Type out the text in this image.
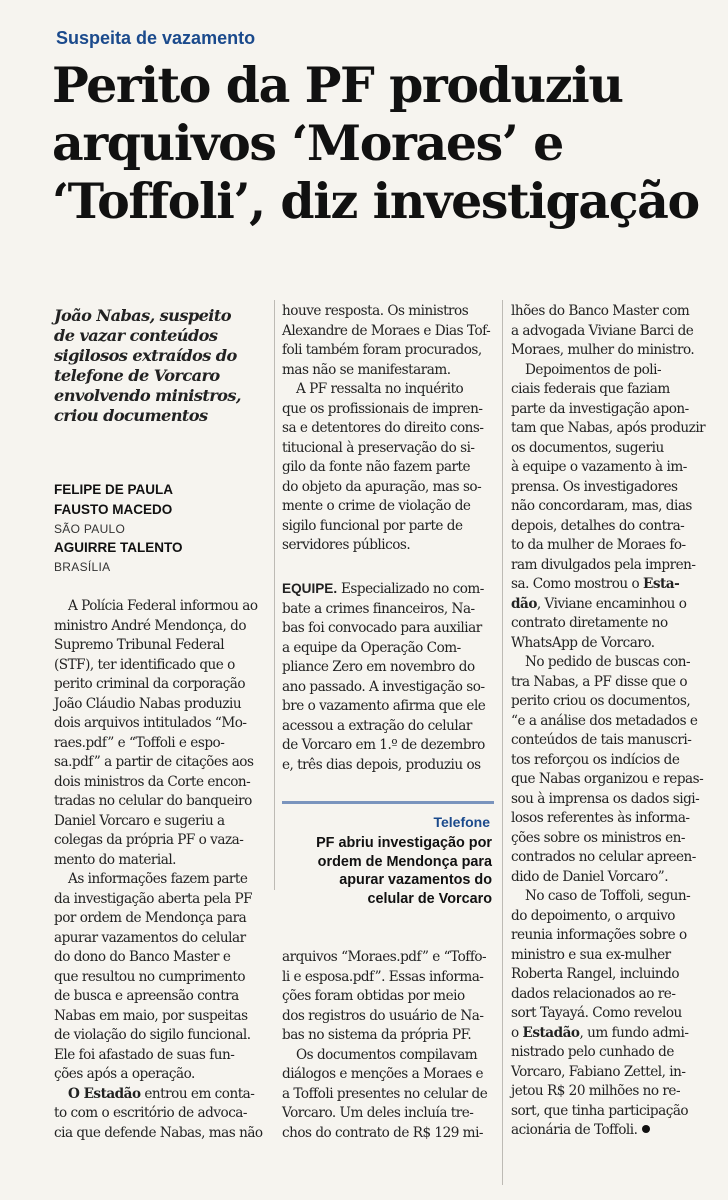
Suspeita de vazamento
Perito da PF produziu
arquivos ‘Moraes’ e
‘Toffoli’, diz investigação
João Nabas, suspeito
de vazar conteúdos
sigilosos extraídos do
telefone de Vorcaro
envolvendo ministros,
criou documentos
FELIPE DE PAULA
FAUSTO MACEDO
SÃO PAULO
AGUIRRE TALENTO
BRASÍLIA
A Polícia Federal informou ao
ministro André Mendonça, do
Supremo Tribunal Federal
(STF), ter identificado que o
perito criminal da corporação
João Cláudio Nabas produziu
dois arquivos intitulados “Mo-
raes.pdf” e “Toffoli e espo-
sa.pdf” a partir de citações aos
dois ministros da Corte encon-
tradas no celular do banqueiro
Daniel Vorcaro e sugeriu a
colegas da própria PF o vaza-
mento do material.
As informações fazem parte
da investigação aberta pela PF
por ordem de Mendonça para
apurar vazamentos do celular
do dono do Banco Master e
que resultou no cumprimento
de busca e apreensão contra
Nabas em maio, por suspeitas
de violação do sigilo funcional.
Ele foi afastado de suas fun-
ções após a operação.
O Estadão entrou em conta-
to com o escritório de advoca-
cia que defende Nabas, mas não
houve resposta. Os ministros
Alexandre de Moraes e Dias Tof-
foli também foram procurados,
mas não se manifestaram.
A PF ressalta no inquérito
que os profissionais de impren-
sa e detentores do direito cons-
titucional à preservação do si-
gilo da fonte não fazem parte
do objeto da apuração, mas so-
mente o crime de violação de
sigilo funcional por parte de
servidores públicos.
EQUIPE. Especializado no com-
bate a crimes financeiros, Na-
bas foi convocado para auxiliar
a equipe da Operação Com-
pliance Zero em novembro do
ano passado. A investigação so-
bre o vazamento afirma que ele
acessou a extração do celular
de Vorcaro em 1.º de dezembro
e, três dias depois, produziu os
Telefone
PF abriu investigação por
ordem de Mendonça para
apurar vazamentos do
celular de Vorcaro
arquivos “Moraes.pdf” e “Toffo-
li e esposa.pdf”. Essas informa-
ções foram obtidas por meio
dos registros do usuário de Na-
bas no sistema da própria PF.
Os documentos compilavam
diálogos e menções a Moraes e
a Toffoli presentes no celular de
Vorcaro. Um deles incluía tre-
chos do contrato de R$ 129 mi-
lhões do Banco Master com
a advogada Viviane Barci de
Moraes, mulher do ministro.
Depoimentos de poli-
ciais federais que faziam
parte da investigação apon-
tam que Nabas, após produzir
os documentos, sugeriu
à equipe o vazamento à im-
prensa. Os investigadores
não concordaram, mas, dias
depois, detalhes do contra-
to da mulher de Moraes fo-
ram divulgados pela impren-
sa. Como mostrou o Esta-
dão, Viviane encaminhou o
contrato diretamente no
WhatsApp de Vorcaro.
No pedido de buscas con-
tra Nabas, a PF disse que o
perito criou os documentos,
“e a análise dos metadados e
conteúdos de tais manuscri-
tos reforçou os indícios de
que Nabas organizou e repas-
sou à imprensa os dados sigi-
losos referentes às informa-
ções sobre os ministros en-
contrados no celular apreen-
dido de Daniel Vorcaro”.
No caso de Toffoli, segun-
do depoimento, o arquivo
reunia informações sobre o
ministro e sua ex-mulher
Roberta Rangel, incluindo
dados relacionados ao re-
sort Tayayá. Como revelou
o Estadão, um fundo admi-
nistrado pelo cunhado de
Vorcaro, Fabiano Zettel, in-
jetou R$ 20 milhões no re-
sort, que tinha participação
acionária de Toffoli.
